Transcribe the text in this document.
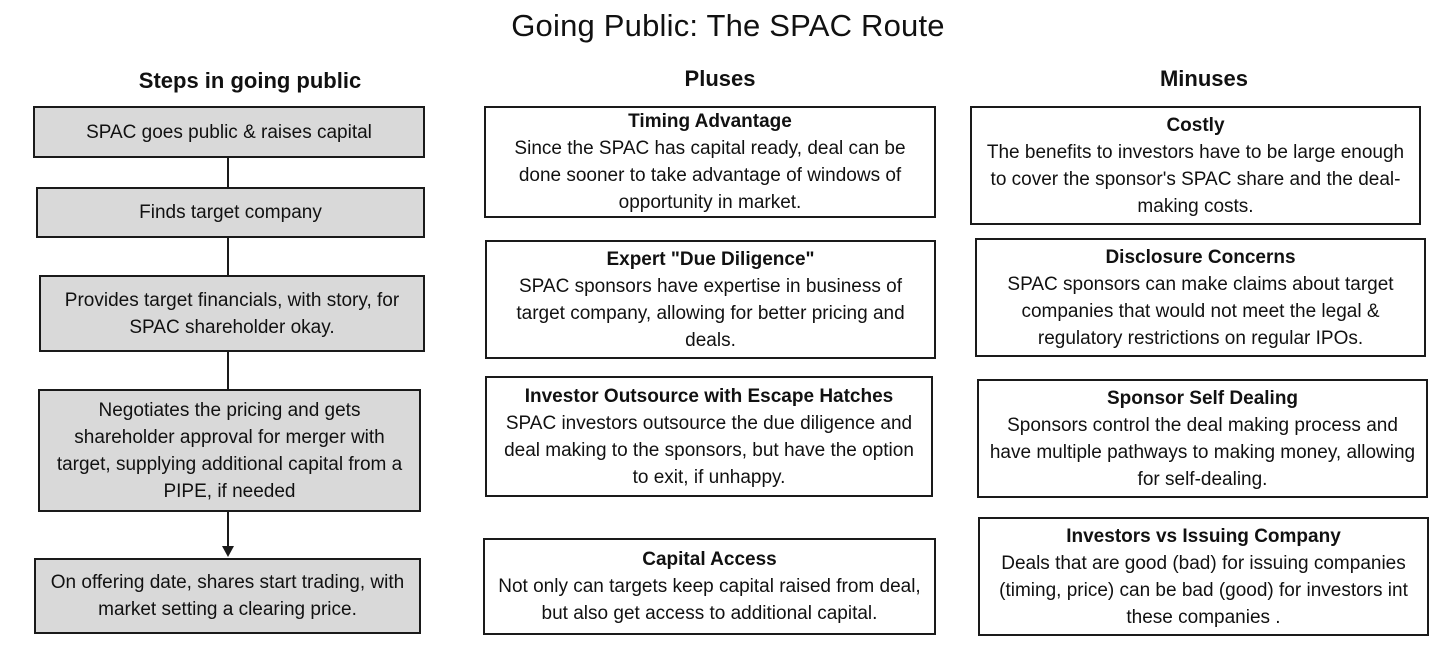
Going Public: The SPAC Route
Steps in going public	Pluses	Minuses
SPAC goes public & raises capital
Finds target company
Provides target financials, with story, for SPAC shareholder okay.
Negotiates the pricing and gets shareholder approval for merger with target, supplying additional capital from a PIPE, if needed
On offering date, shares start trading, with market setting a clearing price.
Timing Advantage
Since the SPAC has capital ready, deal can be done sooner to take advantage of windows of opportunity in market.
Expert "Due Diligence"
SPAC sponsors have expertise in business of target company, allowing for better pricing and deals.
Investor Outsource with Escape Hatches
SPAC investors outsource the due diligence and deal making to the sponsors, but have the option to exit, if unhappy.
Capital Access
Not only can targets keep capital raised from deal, but also get access to additional capital.
Costly
The benefits to investors have to be large enough to cover the sponsor's SPAC share and the deal-making costs.
Disclosure Concerns
SPAC sponsors can make claims about target companies that would not meet the legal & regulatory restrictions on regular IPOs.
Sponsor Self Dealing
Sponsors control the deal making process and have multiple pathways to making money, allowing for self-dealing.
Investors vs Issuing Company
Deals that are good (bad) for issuing companies (timing, price) can be bad (good) for investors int these companies .
